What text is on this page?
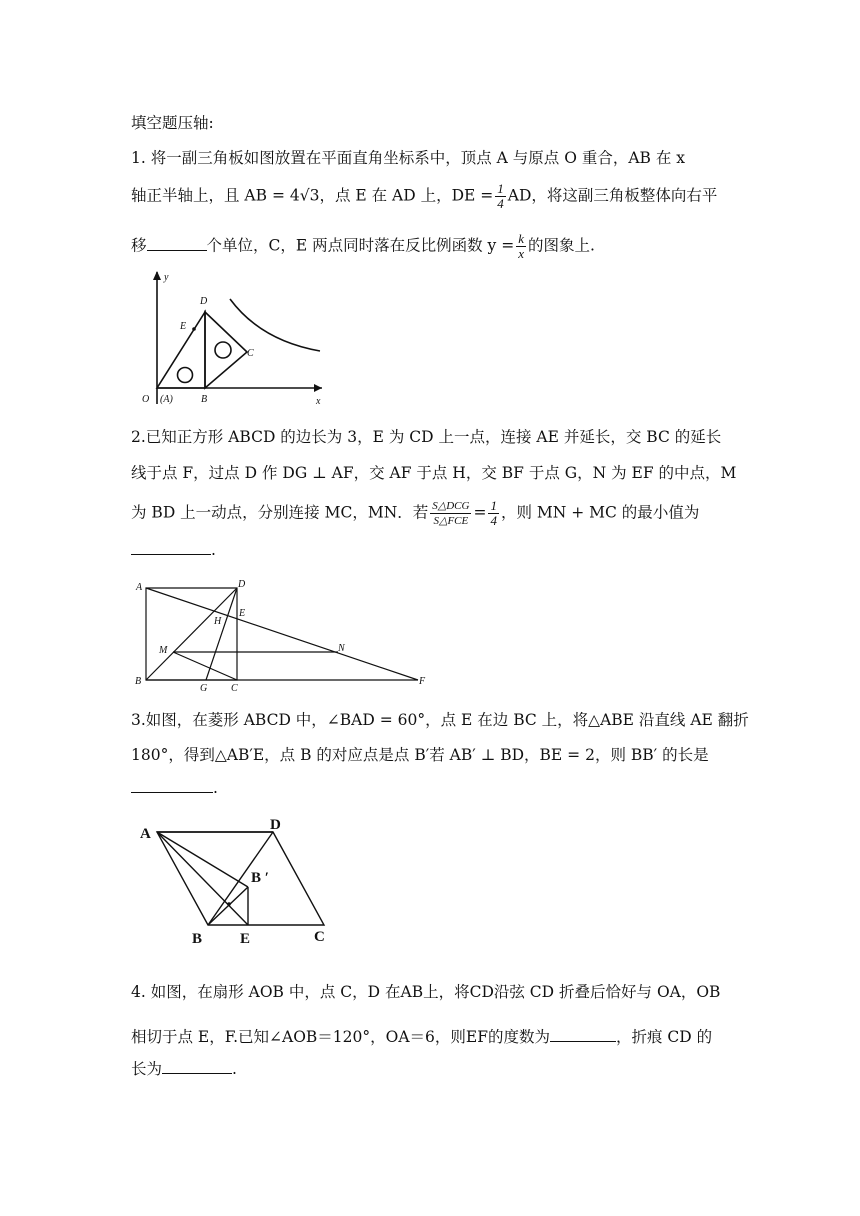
填空题压轴:
1. 将一副三角板如图放置在平面直角坐标系中，顶点 A 与原点 O 重合，AB 在 x
轴正半轴上，且 AB = 4√3，点 E 在 AD 上，DE = $\frac{1}{4}$ AD，将这副三角板整体向右平
移	个单位，C，E 两点同时落在反比例函数 $y = \frac{k}{x}$ 的图象上.
y
x
O (A)	B
D
E
C
2.已知正方形 ABCD 的边长为 3，E 为 CD 上一点，连接 AE 并延长，交 BC 的延长
线于点 F，过点 D 作 DG ⊥ AF，交 AF 于点 H，交 BF 于点 G，N 为 EF 的中点，M
为 BD 上一动点，分别连接 MC，MN．若 $\frac{\text{S△DCG}}{\text{S△FCE}} = \frac{1}{4}$ ，则 MN + MC 的最小值为
.
A	D
E
H
M	N
B
G C
F
3.如图，在菱形 ABCD 中，∠BAD = 60°，点 E 在边 BC 上，将△ABE 沿直线 AE 翻折
180°，得到△AB′E，点 B 的对应点是点 B′若 AB′ ⊥ BD，BE = 2，则 BB′ 的长是
.
A
D
B ′
B	E	C
4. 如图，在扇形 AOB 中，点 C，D 在AB上，将CD沿弦 CD 折叠后恰好与 OA，OB
相切于点 E，F.已知∠AOB＝120°，OA＝6，则EF的度数为	，折痕 CD 的
长为	.
